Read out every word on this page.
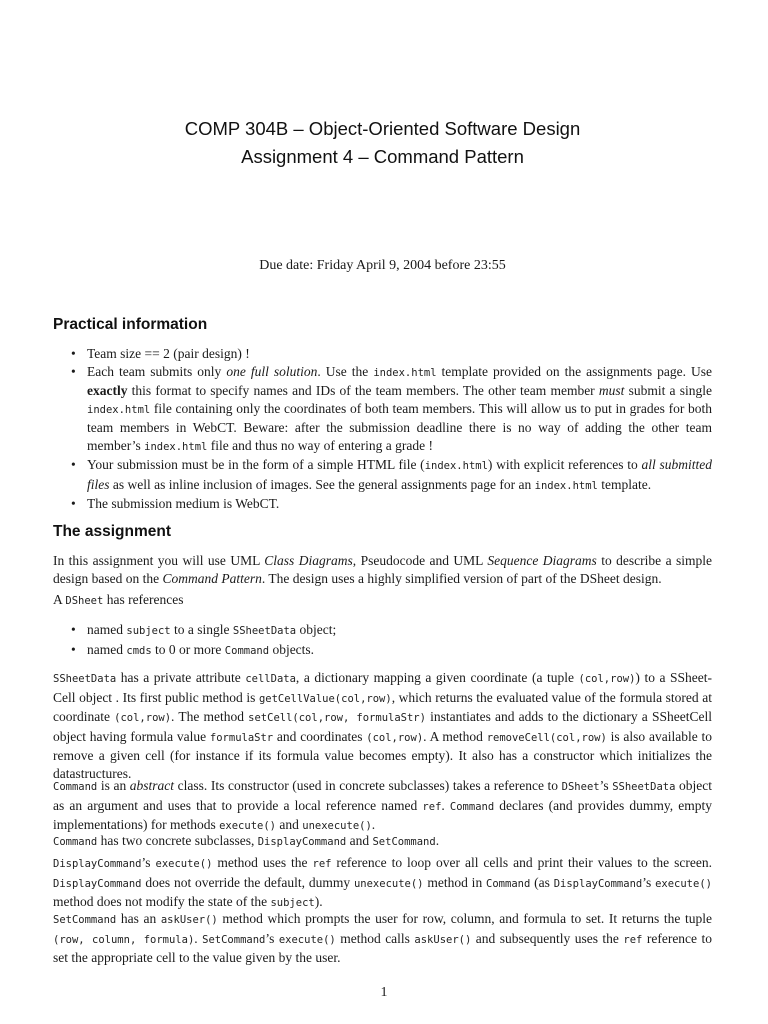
COMP 304B – Object-Oriented Software Design
Assignment 4 – Command Pattern
Due date: Friday April 9, 2004 before 23:55
Practical information
• Team size == 2 (pair design) !
• Each team submits only one full solution. Use the index.html template provided on the assignments page. Use exactly this format to specify names and IDs of the team members. The other team member must submit a single index.html file containing only the coordinates of both team members. This will allow us to put in grades for both team members in WebCT. Beware: after the submission deadline there is no way of adding the other team member’s index.html file and thus no way of entering a grade !
• Your submission must be in the form of a simple HTML file (index.html) with explicit references to all submitted files as well as inline inclusion of images. See the general assignments page for an index.html template.
• The submission medium is WebCT.
The assignment
In this assignment you will use UML Class Diagrams, Pseudocode and UML Sequence Diagrams to describe a simple design based on the Command Pattern. The design uses a highly simplified version of part of the DSheet design.
A DSheet has references
• named subject to a single SSheetData object;
• named cmds to 0 or more Command objects.
SSheetData has a private attribute cellData, a dictionary mapping a given coordinate (a tuple (col,row)) to a SSheet-Cell object . Its first public method is getCellValue(col,row), which returns the evaluated value of the formula stored at coordinate (col,row). The method setCell(col,row, formulaStr) instantiates and adds to the dictionary a SSheetCell object having formula value formulaStr and coordinates (col,row). A method removeCell(col,row) is also available to remove a given cell (for instance if its formula value becomes empty). It also has a constructor which initializes the datastructures.
Command is an abstract class. Its constructor (used in concrete subclasses) takes a reference to DSheet’s SSheetData object as an argument and uses that to provide a local reference named ref. Command declares (and provides dummy, empty implementations) for methods execute() and unexecute().
Command has two concrete subclasses, DisplayCommand and SetCommand.
DisplayCommand’s execute() method uses the ref reference to loop over all cells and print their values to the screen. DisplayCommand does not override the default, dummy unexecute() method in Command (as DisplayCommand’s execute() method does not modify the state of the subject).
SetCommand has an askUser() method which prompts the user for row, column, and formula to set. It returns the tuple (row, column, formula). SetCommand’s execute() method calls askUser() and subsequently uses the ref reference to set the appropriate cell to the value given by the user.
1
